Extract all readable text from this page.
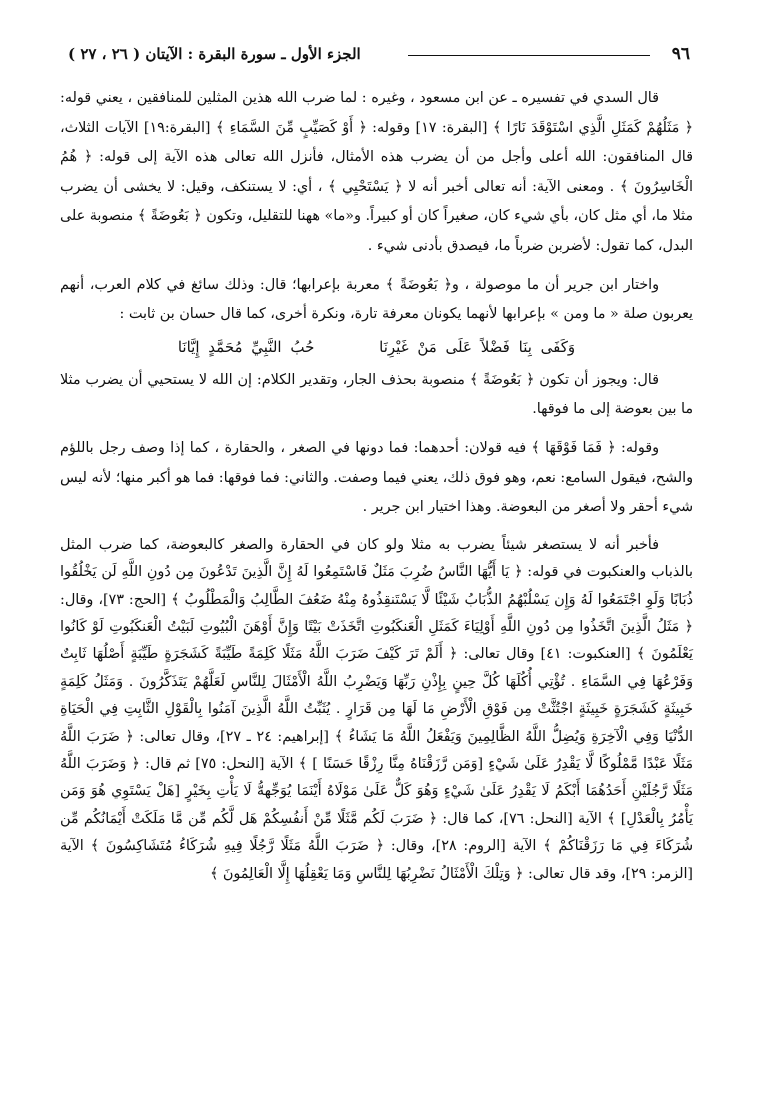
٩٦
الجزء الأول ـ سورة البقرة : الآيتان ( ٢٦ ، ٢٧ )

قال السدي في تفسيره ـ عن ابن مسعود ، وغيره : لما ضرب الله هذين المثلين للمنافقين ، يعني قوله: ﴿ مَثَلُهُمْ كَمَثَلِ الَّذِي اسْتَوْقَدَ نَارًا ﴾ [البقرة: ١٧] وقوله: ﴿ أَوْ كَصَيِّبٍ مِّنَ السَّمَاءِ ﴾ [البقرة:١٩] الآيات الثلاث، قال المنافقون: الله أعلى وأجل من أن يضرب هذه الأمثال، فأنزل الله تعالى هذه الآية إلى قوله: ﴿ هُمُ الْخَاسِرُونَ ﴾ . ومعنى الآية: أنه تعالى أخبر أنه لا ﴿ يَسْتَحْيِي ﴾ ، أي: لا يستنكف، وقيل: لا يخشى أن يضرب مثلا ما، أي مثل كان، بأي شيء كان، صغيراً كان أو كبيراً. و«ما» ههنا للتقليل، وتكون ﴿ بَعُوضَةً ﴾ منصوبة على البدل، كما تقول: لأضربن ضرباً ما، فيصدق بأدنى شيء .

واختار ابن جرير أن ما موصولة ، و﴿ بَعُوضَةً ﴾ معربة بإعرابها؛ قال: وذلك سائغ في كلام العرب، أنهم يعربون صلة « ما ومن » بإعرابها لأنهما يكونان معرفة تارة، ونكرة أخرى، كما قال حسان بن ثابت :

وَكَفَى بِنَا فَضْلاً عَلَى مَنْ غَيْرِنَا حُبُ النَّبِيِّ مُحَمَّدٍ إِيَّانَا

قال: ويجوز أن تكون ﴿ بَعُوضَةً ﴾ منصوبة بحذف الجار، وتقدير الكلام: إن الله لا يستحيي أن يضرب مثلا ما بين بعوضة إلى ما فوقها.

وقوله: ﴿ فَمَا فَوْقَهَا ﴾ فيه قولان: أحدهما: فما دونها في الصغر ، والحقارة ، كما إذا وصف رجل باللؤم والشح، فيقول السامع: نعم، وهو فوق ذلك، يعني فيما وصفت. والثاني: فما فوقها: فما هو أكبر منها؛ لأنه ليس شيء أحقر ولا أصغر من البعوضة. وهذا اختيار ابن جرير .

فأخبر أنه لا يستصغر شيئاً يضرب به مثلا ولو كان في الحقارة والصغر كالبعوضة، كما ضرب المثل بالذباب والعنكبوت في قوله: ﴿ يَا أَيُّهَا النَّاسُ ضُرِبَ مَثَلٌ فَاسْتَمِعُوا لَهُ إِنَّ الَّذِينَ تَدْعُونَ مِن دُونِ اللَّهِ لَن يَخْلُقُوا ذُبَابًا وَلَوِ اجْتَمَعُوا لَهُ وَإِن يَسْلُبْهُمُ الذُّبَابُ شَيْئًا لَّا يَسْتَنقِذُوهُ مِنْهُ ضَعُفَ الطَّالِبُ وَالْمَطْلُوبُ ﴾ [الحج: ٧٣]، وقال: ﴿ مَثَلُ الَّذِينَ اتَّخَذُوا مِن دُونِ اللَّهِ أَوْلِيَاءَ كَمَثَلِ الْعَنكَبُوتِ اتَّخَذَتْ بَيْتًا وَإِنَّ أَوْهَنَ الْبُيُوتِ لَبَيْتُ الْعَنكَبُوتِ لَوْ كَانُوا يَعْلَمُونَ ﴾ [العنكبوت: ٤١] وقال تعالى: ﴿ أَلَمْ تَرَ كَيْفَ ضَرَبَ اللَّهُ مَثَلًا كَلِمَةً طَيِّبَةً كَشَجَرَةٍ طَيِّبَةٍ أَصْلُهَا ثَابِتٌ وَفَرْعُهَا فِي السَّمَاءِ . تُؤْتِي أُكُلَهَا كُلَّ حِينٍ بِإِذْنِ رَبِّهَا وَيَضْرِبُ اللَّهُ الْأَمْثَالَ لِلنَّاسِ لَعَلَّهُمْ يَتَذَكَّرُونَ . وَمَثَلُ كَلِمَةٍ خَبِيثَةٍ كَشَجَرَةٍ خَبِيثَةٍ اجْتُثَّتْ مِن فَوْقِ الْأَرْضِ مَا لَهَا مِن قَرَارٍ . يُثَبِّتُ اللَّهُ الَّذِينَ آمَنُوا بِالْقَوْلِ الثَّابِتِ فِي الْحَيَاةِ الدُّنْيَا وَفِي الْآخِرَةِ وَيُضِلُّ اللَّهُ الظَّالِمِينَ وَيَفْعَلُ اللَّهُ مَا يَشَاءُ ﴾ [إبراهيم: ٢٤ ـ ٢٧]، وقال تعالى: ﴿ ضَرَبَ اللَّهُ مَثَلًا عَبْدًا مَّمْلُوكًا لَّا يَقْدِرُ عَلَىٰ شَيْءٍ [وَمَن رَّزَقْنَاهُ مِنَّا رِزْقًا حَسَنًا ] ﴾ الآية [النحل: ٧٥] ثم قال: ﴿ وَضَرَبَ اللَّهُ مَثَلًا رَّجُلَيْنِ أَحَدُهُمَا أَبْكَمُ لَا يَقْدِرُ عَلَىٰ شَيْءٍ وَهُوَ كَلٌّ عَلَىٰ مَوْلَاهُ أَيْنَمَا يُوَجِّههُّ لَا يَأْتِ بِخَيْرٍ [هَلْ يَسْتَوِي هُوَ وَمَن يَأْمُرُ بِالْعَدْلِ] ﴾ الآية [النحل: ٧٦]، كما قال: ﴿ ضَرَبَ لَكُم مَّثَلًا مِّنْ أَنفُسِكُمْ هَل لَّكُم مِّن مَّا مَلَكَتْ أَيْمَانُكُم مِّن شُرَكَاءَ فِي مَا رَزَقْنَاكُمْ ﴾ الآية [الروم: ٢٨]، وقال: ﴿ ضَرَبَ اللَّهُ مَثَلًا رَّجُلًا فِيهِ شُرَكَاءُ مُتَشَاكِسُونَ ﴾ الآية [الزمر: ٢٩]، وقد قال تعالى: ﴿ وَتِلْكَ الْأَمْثَالُ نَضْرِبُهَا لِلنَّاسِ وَمَا يَعْقِلُهَا إِلَّا الْعَالِمُونَ ﴾
